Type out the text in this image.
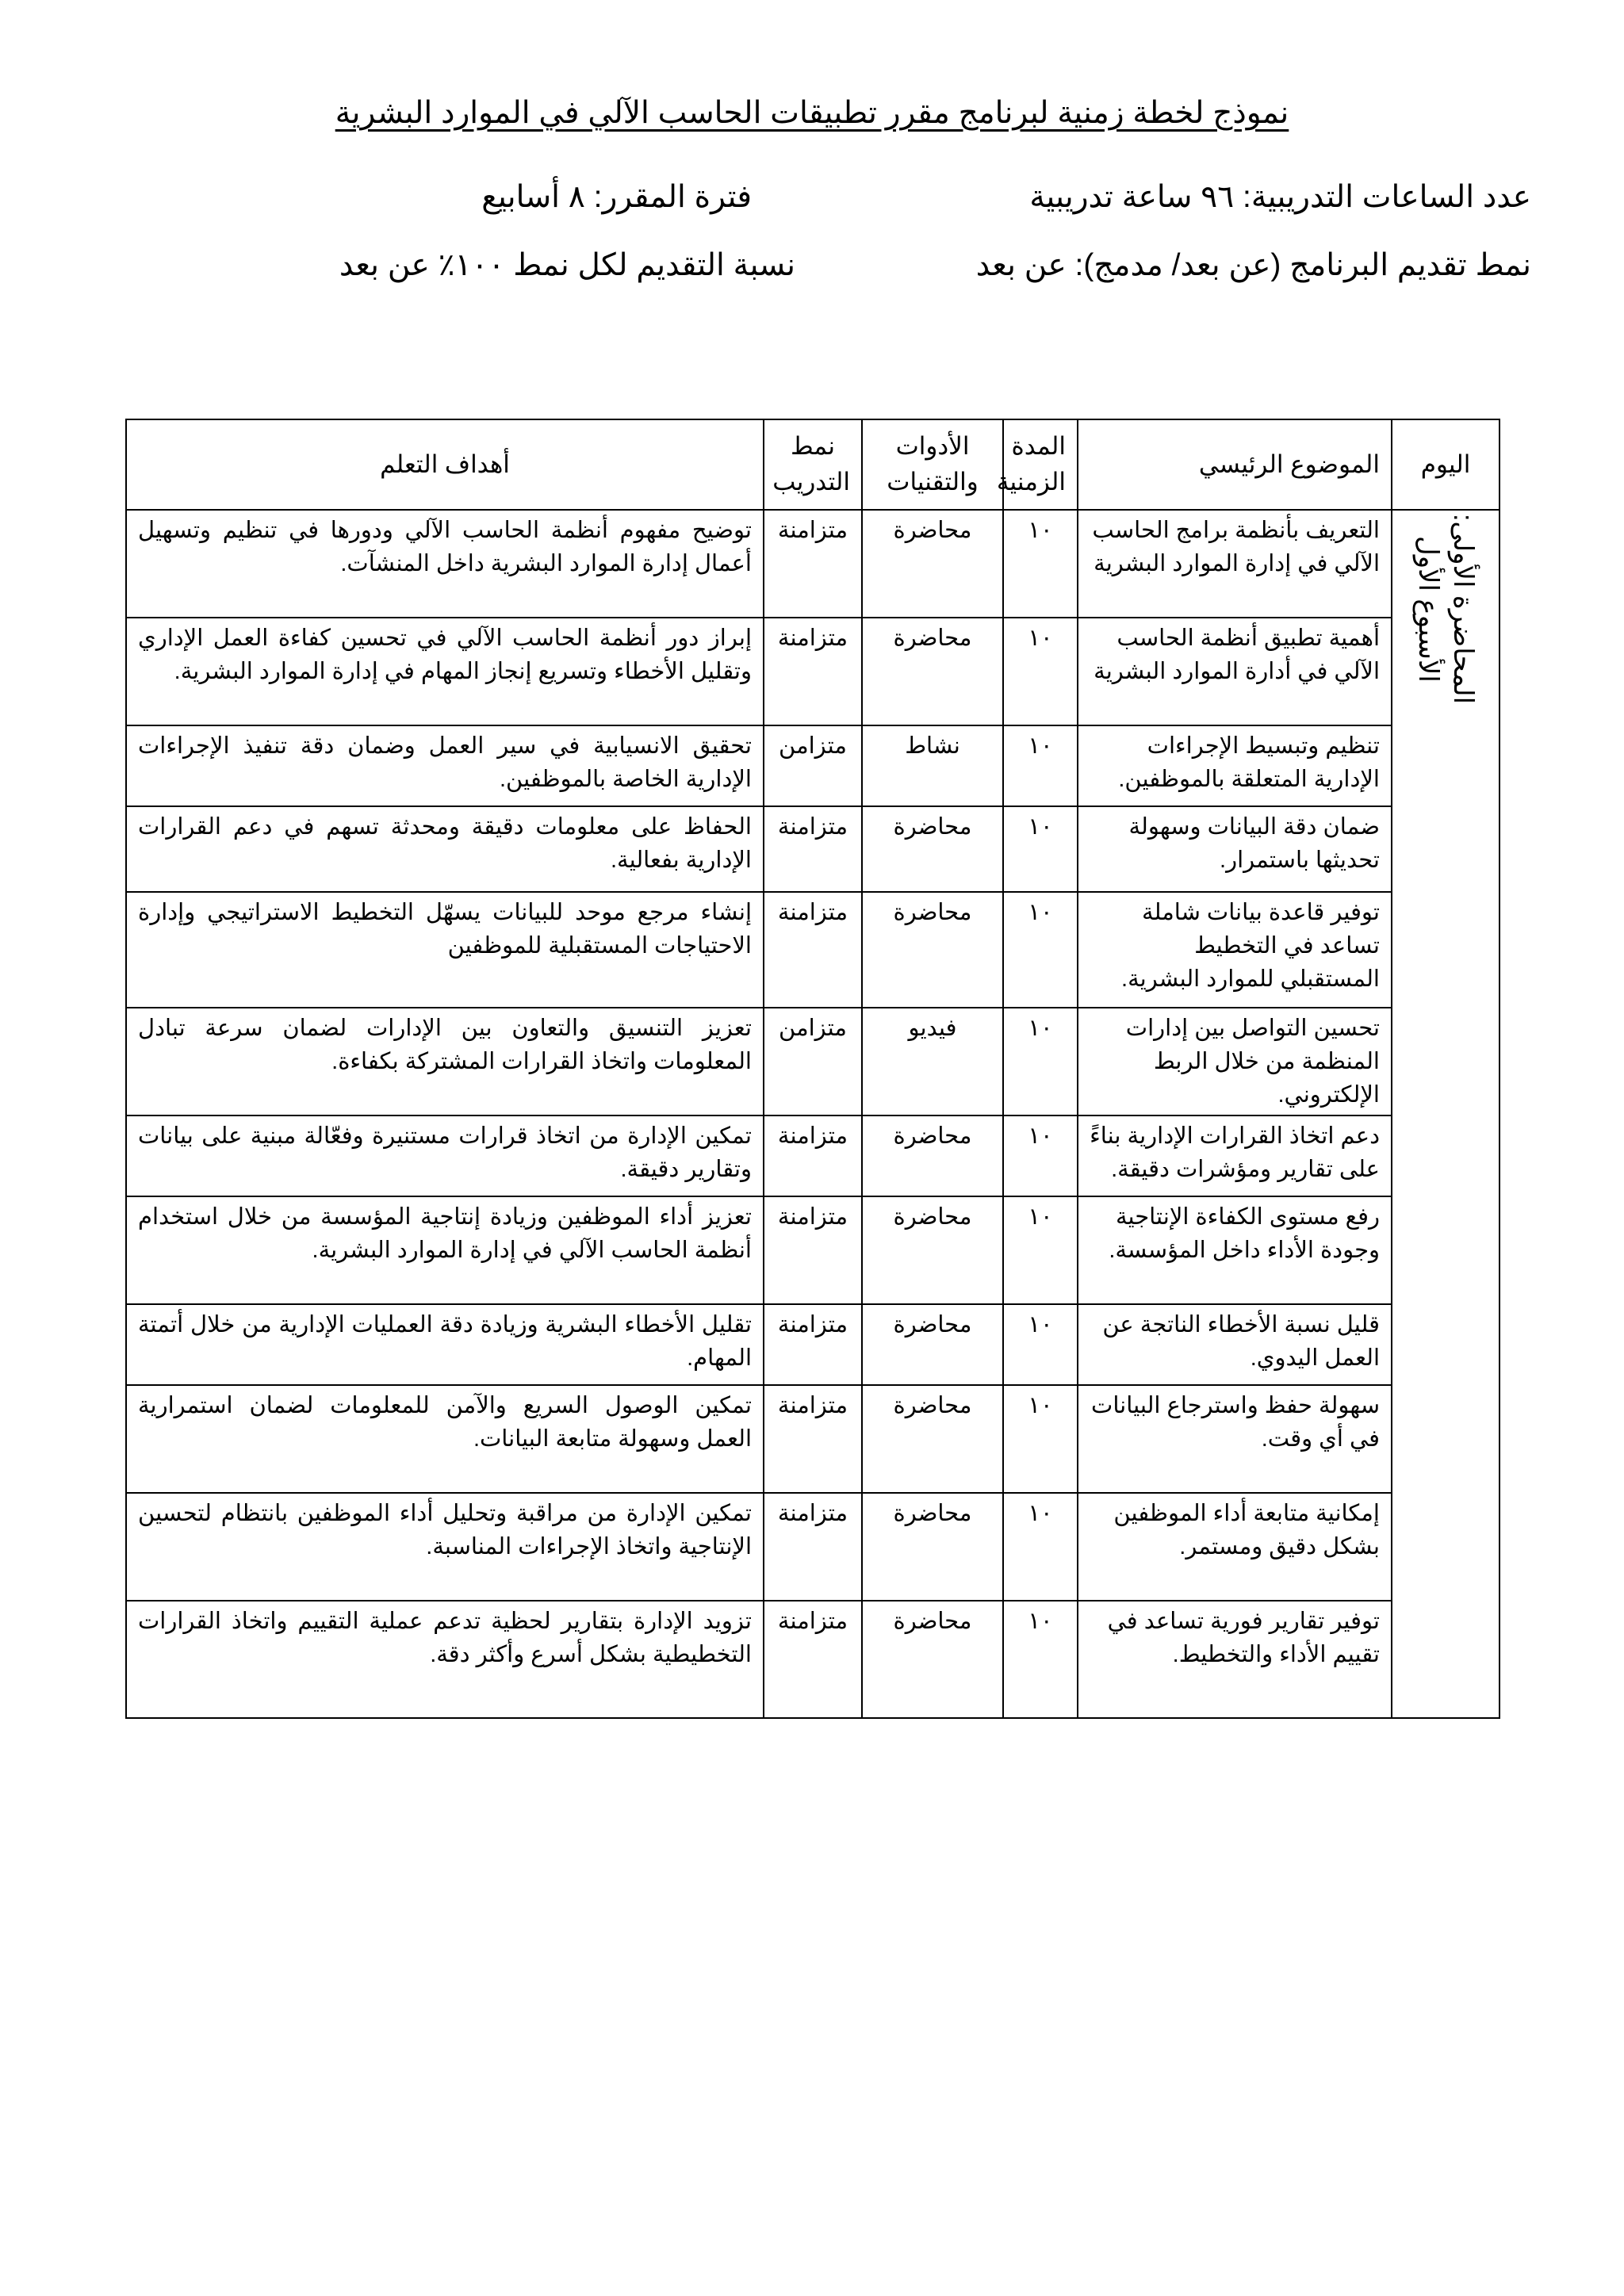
نموذج لخطة زمنية لبرنامج مقرر تطبيقات الحاسب الآلي في الموارد البشرية
عدد الساعات التدريبية: ٩٦ ساعة تدريبية
فترة المقرر: ٨ أسابيع
نمط تقديم البرنامج (عن بعد/ مدمج): عن بعد
نسبة التقديم لكل نمط ١٠٠٪ عن بعد
اليوم	الموضوع الرئيسي	المدة الزمنية	الأدوات والتقنيات	نمط التدريب	أهداف التعلم

المحاضرة الأولى:
الأسبوع الأول	التعريف بأنظمة برامج الحاسب الآلي في إدارة الموارد البشرية	١٠	محاضرة	متزامنة	توضيح مفهوم أنظمة الحاسب الآلي ودورها في تنظيم وتسهيل أعمال إدارة الموارد البشرية داخل المنشآت.
	أهمية تطبيق أنظمة الحاسب الآلي في أدارة الموارد البشرية	١٠	محاضرة	متزامنة	إبراز دور أنظمة الحاسب الآلي في تحسين كفاءة العمل الإداري وتقليل الأخطاء وتسريع إنجاز المهام في إدارة الموارد البشرية.
	تنظيم وتبسيط الإجراءات الإدارية المتعلقة بالموظفين.	١٠	نشاط	متزامن	تحقيق الانسيابية في سير العمل وضمان دقة تنفيذ الإجراءات الإدارية الخاصة بالموظفين.
	ضمان دقة البيانات وسهولة تحديثها باستمرار.	١٠	محاضرة	متزامنة	الحفاظ على معلومات دقيقة ومحدثة تسهم في دعم القرارات الإدارية بفعالية.
	توفير قاعدة بيانات شاملة تساعد في التخطيط المستقبلي للموارد البشرية.	١٠	محاضرة	متزامنة	إنشاء مرجع موحد للبيانات يسهّل التخطيط الاستراتيجي وإدارة الاحتياجات المستقبلية للموظفين
	تحسين التواصل بين إدارات المنظمة من خلال الربط الإلكتروني.	١٠	فيديو	متزامن	تعزيز التنسيق والتعاون بين الإدارات لضمان سرعة تبادل المعلومات واتخاذ القرارات المشتركة بكفاءة.
	دعم اتخاذ القرارات الإدارية بناءً على تقارير ومؤشرات دقيقة.	١٠	محاضرة	متزامنة	تمكين الإدارة من اتخاذ قرارات مستنيرة وفعّالة مبنية على بيانات وتقارير دقيقة.
	رفع مستوى الكفاءة الإنتاجية وجودة الأداء داخل المؤسسة.	١٠	محاضرة	متزامنة	تعزيز أداء الموظفين وزيادة إنتاجية المؤسسة من خلال استخدام أنظمة الحاسب الآلي في إدارة الموارد البشرية.
	قليل نسبة الأخطاء الناتجة عن العمل اليدوي.	١٠	محاضرة	متزامنة	تقليل الأخطاء البشرية وزيادة دقة العمليات الإدارية من خلال أتمتة المهام.
	سهولة حفظ واسترجاع البيانات في أي وقت.	١٠	محاضرة	متزامنة	تمكين الوصول السريع والآمن للمعلومات لضمان استمرارية العمل وسهولة متابعة البيانات.
	إمكانية متابعة أداء الموظفين بشكل دقيق ومستمر.	١٠	محاضرة	متزامنة	تمكين الإدارة من مراقبة وتحليل أداء الموظفين بانتظام لتحسين الإنتاجية واتخاذ الإجراءات المناسبة.
	توفير تقارير فورية تساعد في تقييم الأداء والتخطيط.	١٠	محاضرة	متزامنة	تزويد الإدارة بتقارير لحظية تدعم عملية التقييم واتخاذ القرارات التخطيطية بشكل أسرع وأكثر دقة.
